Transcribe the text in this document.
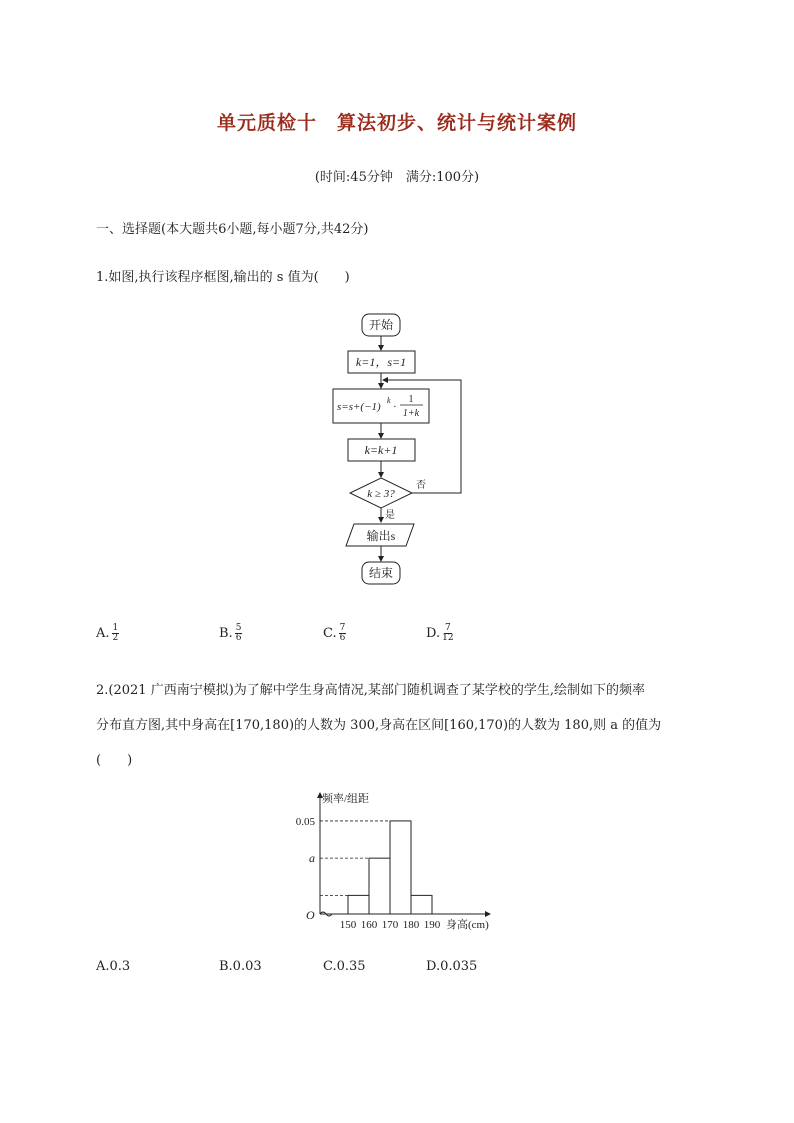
单元质检十　算法初步、统计与统计案例
(时间:45分钟　满分:100分)
一、选择题(本大题共6小题,每小题7分,共42分)
1.如图,执行该程序框图,输出的 s 值为(　　)
开始
k=1，s=1
s=s+(−1)
k
·
1
1+k
k=k+1
k ≥ 3?
否
是
输出s
结束
A. $\frac{1}{2}$	B. $\frac{5}{6}$	C. $\frac{7}{6}$	D. $\frac{7}{12}$
2.(2021 广西南宁模拟)为了解中学生身高情况,某部门随机调查了某学校的学生,绘制如下的频率
分布直方图,其中身高在[170,180)的人数为 300,身高在区间[160,170)的人数为 180,则 a 的值为
(　　)
频率/组距
0.05
a
O
150 160 170 180 190 身高(cm)
A.0.3	B.0.03	C.0.35	D.0.035
